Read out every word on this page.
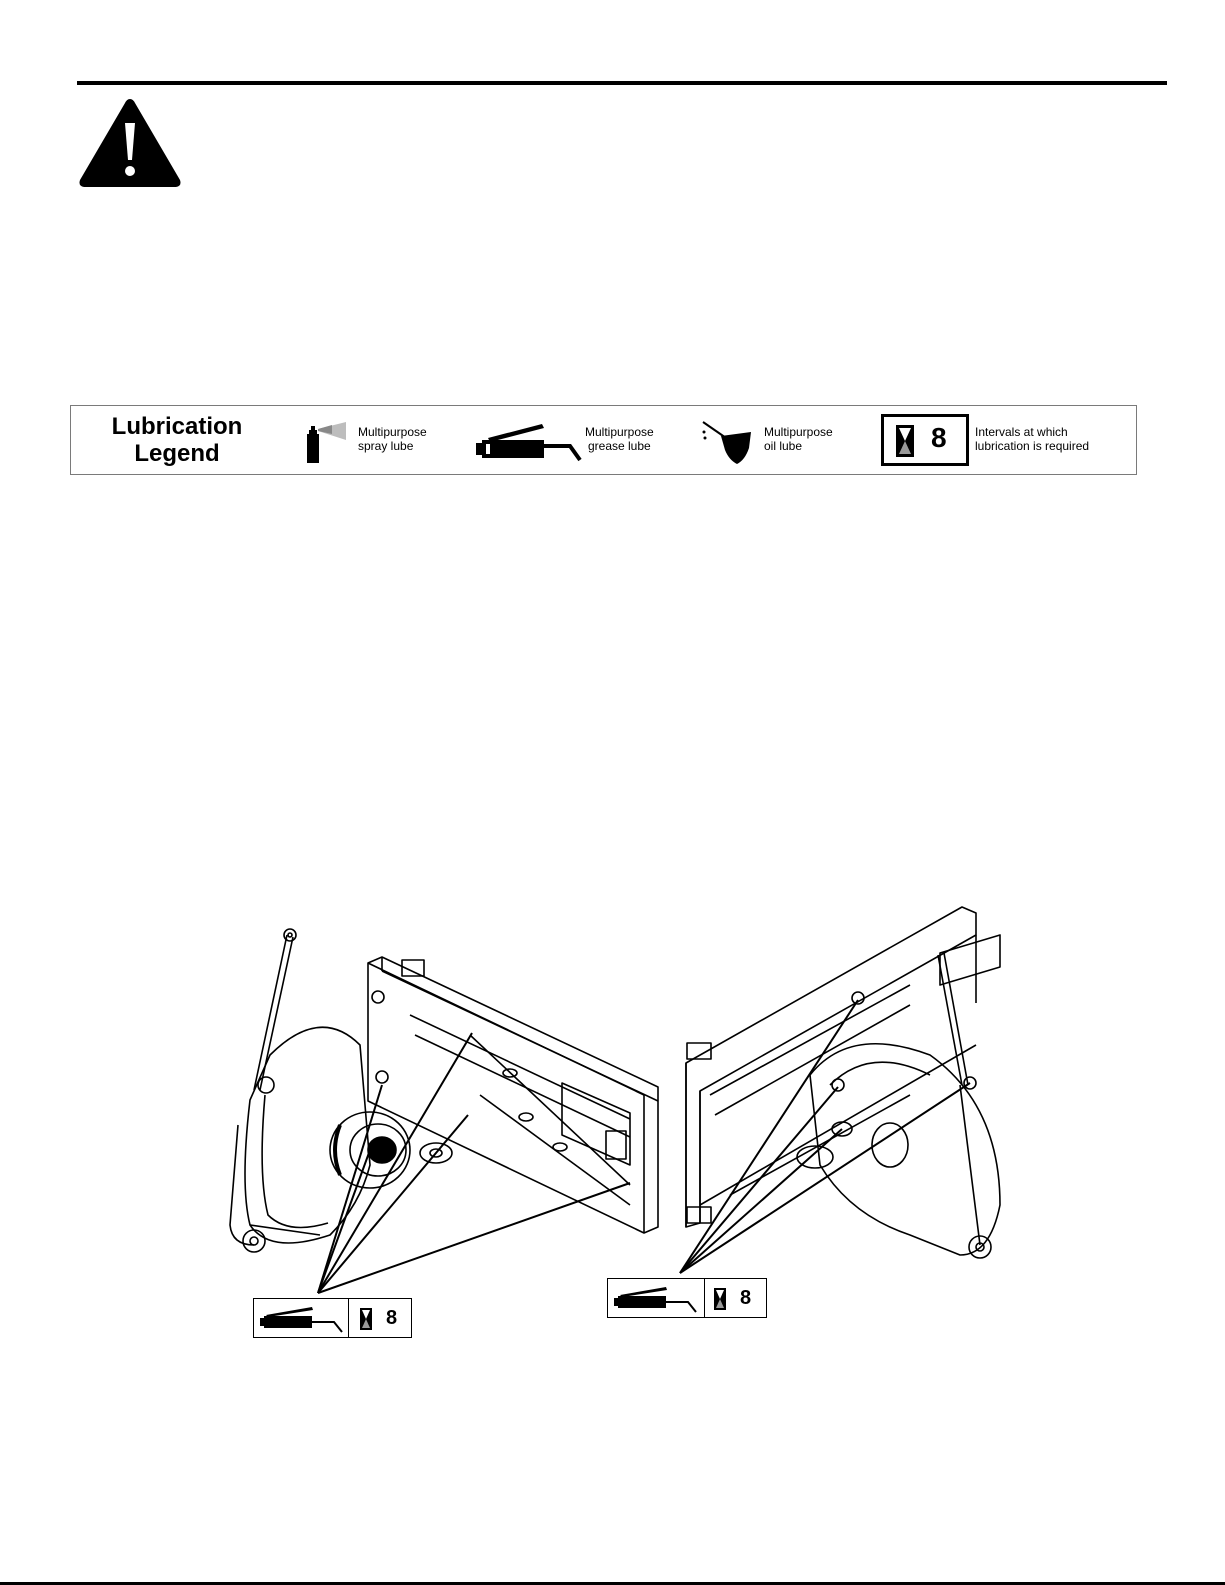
Lubrication
Legend
Multipurpose
spray lube
Multipurpose
grease lube
Multipurpose
oil lube	8 Intervals at which
lubrication is required
8
8
